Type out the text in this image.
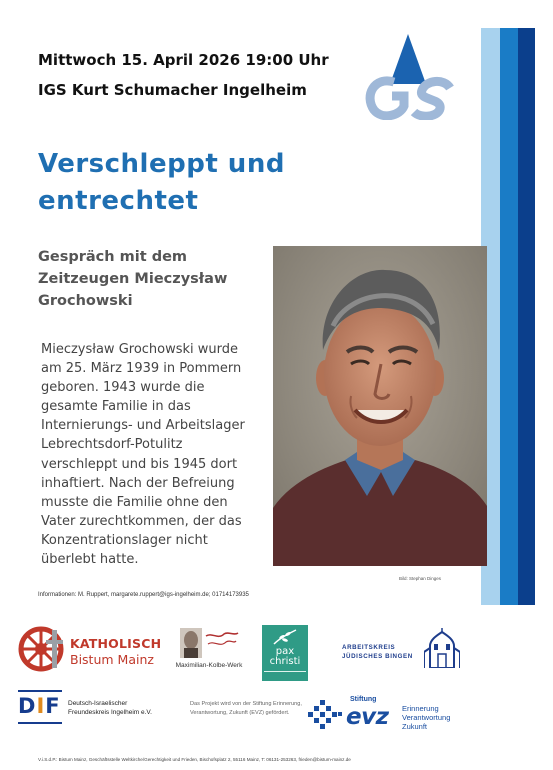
Mittwoch 15. April 2026 19:00 Uhr
IGS Kurt Schumacher Ingelheim
Verschleppt und
entrechtet
Gespräch mit dem
Zeitzeugen Mieczysław
Grochowski
Mieczysław Grochowski wurde
am 25. März 1939 in Pommern
geboren. 1943 wurde die
gesamte Familie in das
Internierungs- und Arbeitslager
Lebrechtsdorf-Potulitz
verschleppt und bis 1945 dort
inhaftiert. Nach der Befreiung
musste die Familie ohne den
Vater zurechtkommen, der das
Konzentrationslager nicht
überlebt hatte.
Bild: Stephan Dinges
Informationen: M. Ruppert, margarete.ruppert@igs-ingelheim.de; 01714173935
KATHOLISCH
Bistum Mainz	Maximilian-Kolbe-Werk
pax
christi
ARBEITSKREIS
JÜDISCHES BINGEN
DIF Deutsch-Israelischer
Freundeskreis Ingelheim e.V.
Das Projekt wird von der Stiftung Erinnerung, Verantwortung, Zukunft (EVZ) gefördert.
Stiftung
evz Erinnerung
Verantwortung
Zukunft
V.i.S.d.P.: Bistum Mainz, Geschäftsstelle Weltkirche/Gerechtigkeit und Frieden, Bischofsplatz 2, 55116 Mainz, T: 06131-253263, frieden@bistum-mainz.de
